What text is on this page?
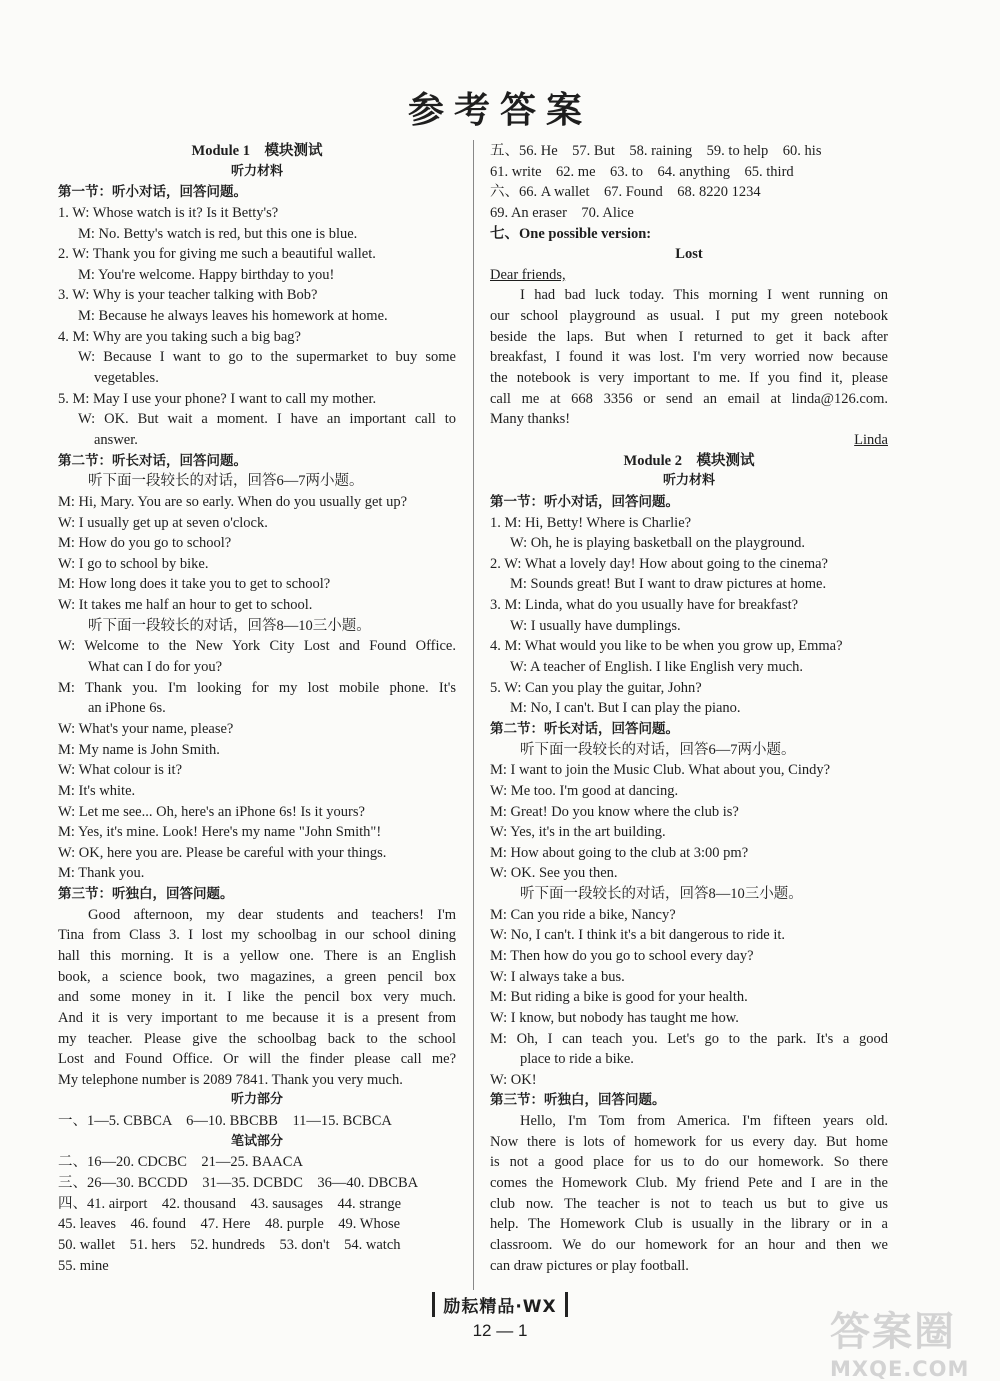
参考答案
Module 1　模块测试
听力材料
第一节：听小对话，回答问题。
1. W: Whose watch is it? Is it Betty's?
M: No. Betty's watch is red, but this one is blue.
2. W: Thank you for giving me such a beautiful wallet.
M: You're welcome. Happy birthday to you!
3. W: Why is your teacher talking with Bob?
M: Because he always leaves his homework at home.
4. M: Why are you taking such a big bag?
W: Because I want to go to the supermarket to buy some
vegetables.
5. M: May I use your phone? I want to call my mother.
W: OK. But wait a moment. I have an important call to
answer.
第二节：听长对话，回答问题。
听下面一段较长的对话，回答6—7两小题。
M: Hi, Mary. You are so early. When do you usually get up?
W: I usually get up at seven o'clock.
M: How do you go to school?
W: I go to school by bike.
M: How long does it take you to get to school?
W: It takes me half an hour to get to school.
听下面一段较长的对话，回答8—10三小题。
W: Welcome to the New York City Lost and Found Office.
What can I do for you?
M: Thank you. I'm looking for my lost mobile phone. It's
an iPhone 6s.
W: What's your name, please?
M: My name is John Smith.
W: What colour is it?
M: It's white.
W: Let me see... Oh, here's an iPhone 6s! Is it yours?
M: Yes, it's mine. Look! Here's my name "John Smith"!
W: OK, here you are. Please be careful with your things.
M: Thank you.
第三节：听独白，回答问题。
Good afternoon, my dear students and teachers! I'm
Tina from Class 3. I lost my schoolbag in our school dining
hall this morning. It is a yellow one. There is an English
book, a science book, two magazines, a green pencil box
and some money in it. I like the pencil box very much.
And it is very important to me because it is a present from
my teacher. Please give the schoolbag back to the school
Lost and Found Office. Or will the finder please call me?
My telephone number is 2089 7841. Thank you very much.
听力部分
一、1—5. CBBCA　6—10. BBCBB　11—15. BCBCA
笔试部分
二、16—20. CDCBC　21—25. BAACA
三、26—30. BCCDD　31—35. DCBDC　36—40. DBCBA
四、41. airport　42. thousand　43. sausages　44. strange
45. leaves　46. found　47. Here　48. purple　49. Whose
50. wallet　51. hers　52. hundreds　53. don't　54. watch
55. mine
五、56. He　57. But　58. raining　59. to help　60. his
61. write　62. me　63. to　64. anything　65. third
六、66. A wallet　67. Found　68. 8220 1234
69. An eraser　70. Alice
七、One possible version:
Lost
Dear friends,
I had bad luck today. This morning I went running on
our school playground as usual. I put my green notebook
beside the laps. But when I returned to get it back after
breakfast, I found it was lost. I'm very worried now because
the notebook is very important to me. If you find it, please
call me at 668 3356 or send an email at linda@126.com.
Many thanks!
Linda
Module 2　模块测试
听力材料
第一节：听小对话，回答问题。
1. M: Hi, Betty! Where is Charlie?
W: Oh, he is playing basketball on the playground.
2. W: What a lovely day! How about going to the cinema?
M: Sounds great! But I want to draw pictures at home.
3. M: Linda, what do you usually have for breakfast?
W: I usually have dumplings.
4. M: What would you like to be when you grow up, Emma?
W: A teacher of English. I like English very much.
5. W: Can you play the guitar, John?
M: No, I can't. But I can play the piano.
第二节：听长对话，回答问题。
听下面一段较长的对话，回答6—7两小题。
M: I want to join the Music Club. What about you, Cindy?
W: Me too. I'm good at dancing.
M: Great! Do you know where the club is?
W: Yes, it's in the art building.
M: How about going to the club at 3:00 pm?
W: OK. See you then.
听下面一段较长的对话，回答8—10三小题。
M: Can you ride a bike, Nancy?
W: No, I can't. I think it's a bit dangerous to ride it.
M: Then how do you go to school every day?
W: I always take a bus.
M: But riding a bike is good for your health.
W: I know, but nobody has taught me how.
M: Oh, I can teach you. Let's go to the park. It's a good
place to ride a bike.
W: OK!
第三节：听独白，回答问题。
Hello, I'm Tom from America. I'm fifteen years old.
Now there is lots of homework for us every day. But home
is not a good place for us to do our homework. So there
comes the Homework Club. My friend Pete and I are in the
club now. The teacher is not to teach us but to give us
help. The Homework Club is usually in the library or in a
classroom. We do our homework for an hour and then we
can draw pictures or play football.
励耘精品·WX
12 — 1	答案圈
MXQE.COM
